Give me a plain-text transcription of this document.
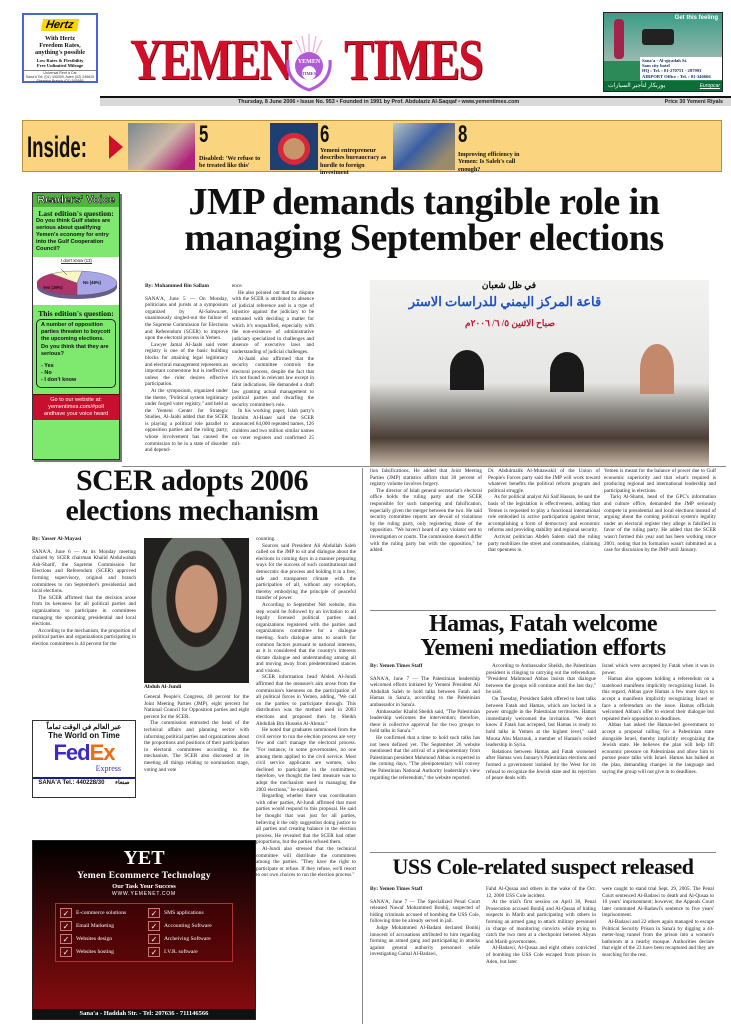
Hertz
With Hertz
Freedom Rates,
anything's possible
Low Rates & Flexibility
Free Unlimited Mileage
Universal Rent a Car
Sana'a Tel: (01) 440309, Aden (02) 245625
Sheraton Branch (01) 545985 YEMEN YEMEN
TIMES TIMES
Get this feeling
Sana'a - Al-qiyadah St.
Sam city hotel
HQ : Tel. : 01-270751 - 287993
AIRPORT Office : Tel. : 01-346666
يوربكار لتأجير السيارات	Europcar
Thursday, 8 June 2006 • Issue No. 953 • Founded in 1991 by Prof. Abdulaziz Al-Saqqaf • www.yementimes.com	Price 30 Yemeni Riyals
Inside:	5
Disabled: 'We refuse to be treated like this'
6
Yemeni entrepreneur describes bureaucracy as hurdle to foreign investment
8
Improving efficiency in Yemen: Is Saleh's call enough?
Readers' Voice
Last edition's question:
Do you think Gulf states are serious about qualifying Yemen's economy for entry into the Gulf Cooperation Council?
I don't know (13)
Yes (39%)
No (48%)
This edition's question:
A number of opposition parties threaten to boycott the upcoming elections. Do you think that they are serious?
- Yes
- No
- I don't know
Go to our website at:
yementimes.com/#poll
andhave your voice heard
JMP demands tangible role in
managing September elections
By: Mohammed Bin Sallam

SANA'A, June 5 — On Monday, politicians and jurists at a symposium organized by Al-Sahwa.net, unanimously singled-out the failure of the Supreme Commission for Elections and Referendum (SCER) to improve upon the electoral process in Yemen.

Lawyer Jamal Al-Jaabi said voter registry is one of the basic building blocks for attaining legal legitimacy and electoral management represents an important cornerstone but is ineffective unless the ruler desires effective participation.

At the symposium, organized under the theme, "Political system legitimacy under forged voter registry," and held at the Yemeni Center for Strategic Studies, Al-Jaabi added that the SCER is playing a political role parallel to opposition parties and the ruling party, whose involvement has caused the commission to be in a state of disorder and depend-

ence.

He also pointed out that the dispute with the SCER is attributed to absence of judicial reference and is a type of injustice against the judiciary to be entrusted with deciding a matter for which it's unqualified, especially with the non-existence of administrative judiciary specialized in challenges and absence of executive laws and understanding of judicial challenges.

Al-Jaabi also affirmed that the security committee controls the electoral process, despite the fact that it's not found in relevant law except in faint indications. He demanded a draft law granting actual management to political parties and dwarfing the security committee's role.

In his working paper, Islah party's Ibrahim Al-Haaer said the SCER announced 64,000 repeated names, 126 children and two million similar names on voter registers and confirmed 25 mil-

في ظل شعبان
قاعة المركز اليمني للدراسات الاستر
صباح الاثنين ٥/ ٦/ ٢٠٠٦م

lion falsifications. He added that Joint Meeting Parties (JMP) statistics affirm that 30 percent of registry volume involves forgery.

The director of Islah general secretariat's electoral office holds the ruling party and the SCER responsible for such tampering and falsification, especially given the merger between the two. He said security committee reports are devoid of violations by the ruling party, only registering those of the opposition. "We haven't heard of any violator sent to investigation or courts. The commission doesn't differ with the ruling party but with the opposition," he added.

Dr. Abdulmalik Al-Mutawakil of the Union of People's Forces party said the JMP will work toward whatever benefits the political reform program and political struggle.

As for political analyst Ali Saif Hassan, he said the basis of the legislation is effectiveness, adding that Yemen is requested to play a functional international role embodied in active participation against terror, accomplishing a form of democracy and economic reforms and providing stability and regional security.

Activist politician Abdeh Salem said the ruling party mobilizes the street and communities, claiming that openness in

Yemen is meant for the balance of power due to Gulf economic superiority and that what's required is producing regional and international leadership and participating in elections.

Tariq Al-Shami, head of the GPC's information and culture office, demanded the JMP seriously compete in presidential and local elections instead of arguing about the coming political system's legality under an electoral register they allege is falsified in favor of the ruling party. He added that the SCER wasn't formed this year and has been working since 2001, noting that its formation wasn't submitted as a case for discussion by the JMP until January.

SCER adopts 2006
elections mechanism
By: Yasser Al-Mayasi

SANA'A, June 6 — At its Monday meeting chaired by SCER chairman Khalid Abdulwahab Ash-Sharif, the Supreme Commission for Elections and Referendum (SCER) approved forming supervisory, original and branch committees to run September's presidential and local elections.

The SCER affirmed that the decision arose from its keenness for all political parties and organizations to participate in committees managing the upcoming presidential and local elections.

According to the mechanism, the proportion of political parties and organizations participating in election committees is 44 percent for the

Abduh Al-Jundi

General People's Congress, 40 percent for the Joint Meeting Parties (JMP), eight percent for National Council for Opposition parties and eight percent for the SCER.

The commission entrusted the head of the technical affairs and planning sector with informing political parties and organizations about the proportions and positions of their participation in electoral committees according to the mechanism. The SCER also discussed at its meeting all things relating to nomination stage, voting and vote

counting.

Sources said President Ali Abdullah Saleh called on the JMP to sit and dialogue about the elections in coming days in a manner preparing ways for the success of such constitutional and democratic due process and holding it in a free, safe and transparent climate with the participation of all, without any exception, thereby embodying the principle of peaceful transfer of power.

According to September Net website, this step would be followed by an invitation to all legally licensed political parties and organizations registered with the parties and organizations committee for a dialogue meeting. Such dialogue aims to search for common factors pursuant to national interests, as it is considered that the country's interests dictate dialogue and understanding among all and moving away from predetermined stances and visions.

SCER information head Abdeh Al-Jundi affirmed that the measure's aim arose from the commission's keenness on the participation of all political forces in Yemen, adding, "We call on the parties to participate through. This distribution was the method used in 2003 elections and proposed then by Sheikh Abdullah Bin Hussein Al-Ahmar."

He noted that graduates summoned from the civil service to run the election process are very few and can't manage the electoral process. "For instance, in some governorates, no one among them applied to the civil service. Most civil service applicants are women, who declined to participate in the committees; therefore, we thought the best measure was to adopt the mechanism used in managing the 2003 elections," he explained.

Regarding whether there was coordination with other parties, Al-Jundi affirmed that most parties would respond to this proposal. He said he thought that was just for all parties, believing it the only suggestion doing justice to all parties and creating balance in the election process. He revealed that the SCER had other proportions, but the parties refused them.

Al-Jundi also stressed that the technical committee will distribute the committees among the parties. "They have the right to participate or refuse. If they refuse, we'll resort to our own choices to run the election process."

عبر العالم في الوقت تماماً
The World on Time
FedEx
Express
SANA'A Tel.: 440228/30 صنعاء
YET
Yemen Ecommerce Technology
Our Task Your Success
WWW.YEMENET.COM
✓	E-commerce solutions	✓	SMS applications
✓	Email Marketing	✓	Accounting Software
✓	Websites design	✓	Archeiving Software
✓	Websites hosting	✓	I.V.R. software
Sana'a - Haddah Str. - Tel: 207636 - 711146566
Hamas, Fatah welcome
Yemeni mediation efforts
By: Yemen Times Staff

SANA'A, June 7 — The Palestinian leadership welcomed efforts initiated by Yemeni President Ali Abdullah Saleh to hold talks between Fatah and Hamas in Sana'a, according to the Palestinian ambassador in Sana'a.

Ambassador Khalid Sheikh said, "The Palestinian leadership welcomes the intervention; therefore, there is collective approval for the two groups to hold talks in Sana'a."

He confirmed that a time to hold such talks has not been defined yet. The September 26 website mentioned that the arrival of a plenipotentiary from Palestinian president Mahmoud Abbas is expected in the coming days. "The plenipotentiary will convey the Palestinian National Authority leadership's view regarding the referendum," the website reported.

According to Ambassador Sheikh, the Palestinian president is clinging to carrying out the referendum. "President Mahmoud Abbas insists that dialogue between the groups will continue until the last day," he said.

On Tuesday, President Saleh offered to host talks between Fatah and Hamas, which are locked in a power struggle in the Palestinian territories. Hamas immediately welcomed the invitation. "We don't know if Fatah has accepted, but Hamas is ready to hold talks in Yemen at the highest level," said Mousa Abu Marzouk, a member of Hamas's exiled leadership in Syria.

Relations between Hamas and Fatah worsened after Hamas won January's Palestinian elections and formed a government isolated by the West for its refusal to recognize the Jewish state and its rejection of peace deals with

Israel which were accepted by Fatah when it was in power.

Hamas also opposes holding a referendum on a statehood manifesto implicitly recognizing Israel. In this regard, Abbas gave Hamas a few more days to accept a manifesto implicitly recognizing Israel or face a referendum on the issue. Hamas officials welcomed Abbas's offer to extend their dialogue but repeated their opposition to deadlines.

Abbas has asked the Hamas-led government to accept a proposal calling for a Palestinian state alongside Israel, thereby implicitly recognizing the Jewish state. He believes the plan will help lift economic pressure on Palestinians and allow him to pursue peace talks with Israel. Hamas has balked at the plan, demanding changes in the language and saying the group will not give in to deadlines.

USS Cole-related suspect released
By: Yemen Times Staff

SANA'A, June 7 — The Specialized Penal Court released Nawaf Mohammed Bonhij, suspected of hiding criminals accused of bombing the USS Cole, following time he already served in jail.

Judge Mohammed Al-Badani declared Bonhij innocent of accusations attributed to him regarding forming an armed gang and participating in attacks against general authority personnel while investigating Gamal Al-Badawi,

Fahd Al-Qusaa and others in the wake of the Oct. 12, 2000 USS Cole incident.

At the trial's first session on April 30, Penal Prosecution accused Bonhij and Al-Qusaa of hiding suspects in Marib and participating with others in forming an armed gang to attack military personnel in charge of monitoring convicts while trying to catch the two men at a checkpoint between Abyan and Marib governorates.

Al-Badawi, Al-Qusaa and eight others convicted of bombing the USS Cole escaped from prison in Aden, but later

were caught to stand trial Sept. 29, 2005. The Penal Court sentenced Al-Badawi to death and Al-Qusaa to 10 years' imprisonment; however, the Appeals Court later commuted Al-Badawi's sentence to five years' imprisonment.

Al-Badawi and 22 others again managed to escape Political Security Prison in Sana'a by digging a 44-meter-long tunnel from the prison into a women's bathroom at a nearby mosque. Authorities declare that eight of the 23 have been recaptured and they are searching for the rest.
